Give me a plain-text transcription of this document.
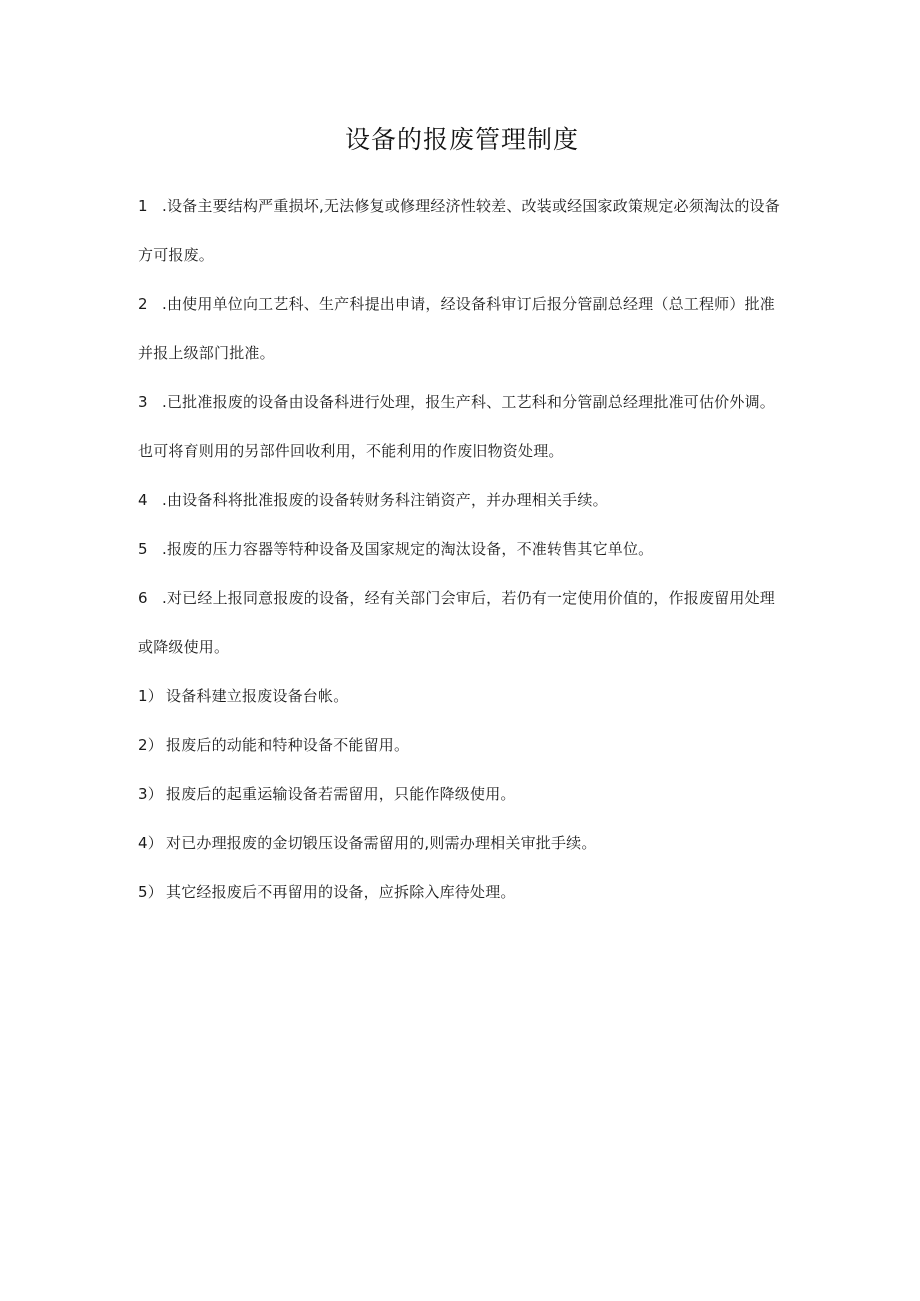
设备的报废管理制度

1 .设备主要结构严重损坏,无法修复或修理经济性较差、改装或经国家政策规定必须淘汰的设备方可报废。

2 .由使用单位向工艺科、生产科提出申请，经设备科审订后报分管副总经理（总工程师）批准并报上级部门批准。

3 .已批准报废的设备由设备科进行处理，报生产科、工艺科和分管副总经理批准可估价外调。也可将育则用的另部件回收利用，不能利用的作废旧物资处理。

4 .由设备科将批准报废的设备转财务科注销资产，并办理相关手续。

5 .报废的压力容器等特种设备及国家规定的淘汰设备，不准转售其它单位。

6 .对已经上报同意报废的设备，经有关部门会审后，若仍有一定使用价值的，作报废留用处理或降级使用。

1） 设备科建立报废设备台帐。

2） 报废后的动能和特种设备不能留用。

3） 报废后的起重运输设备若需留用，只能作降级使用。

4） 对已办理报废的金切锻压设备需留用的,则需办理相关审批手续。

5） 其它经报废后不再留用的设备，应拆除入库待处理。
